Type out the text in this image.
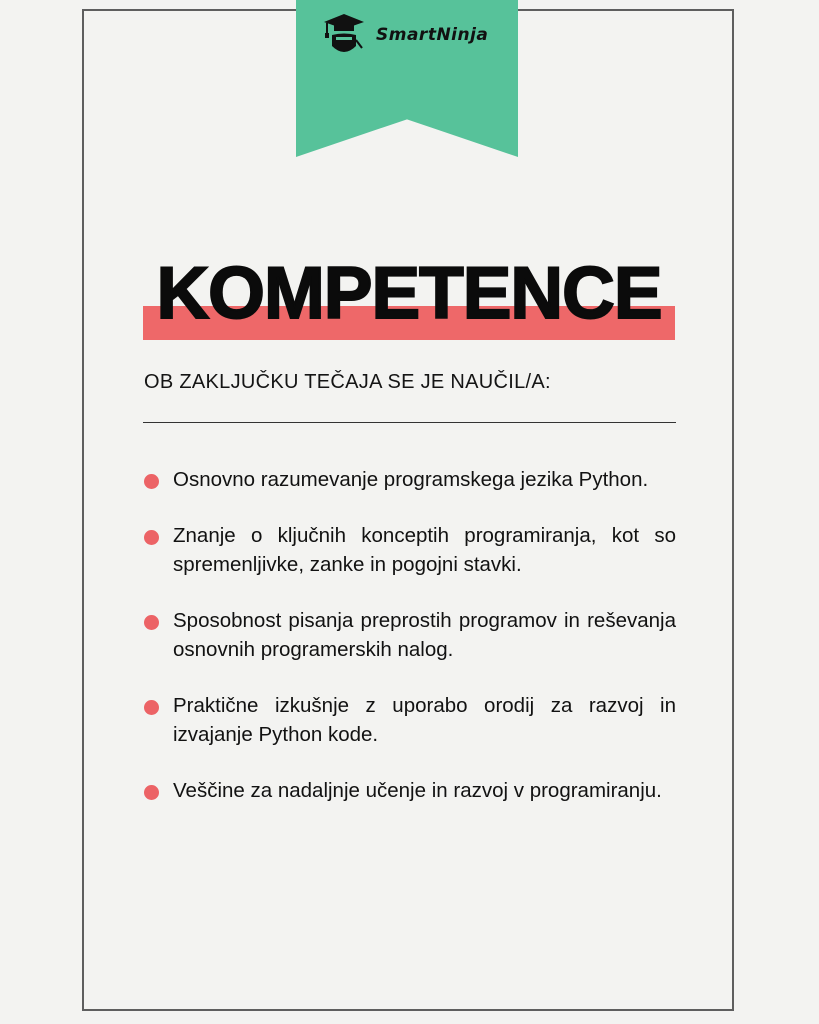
SmartNinja
KOMPETENCE
OB ZAKLJUČKU TEČAJA SE JE NAUČIL/A:
Osnovno razumevanje programskega jezika Python.
Znanje o ključnih konceptih programiranja, kot so spremenljivke, zanke in pogojni stavki.
Sposobnost pisanja preprostih programov in reševanja osnovnih programerskih nalog.
Praktične izkušnje z uporabo orodij za razvoj in izvajanje Python kode.
Veščine za nadaljnje učenje in razvoj v programiranju.
